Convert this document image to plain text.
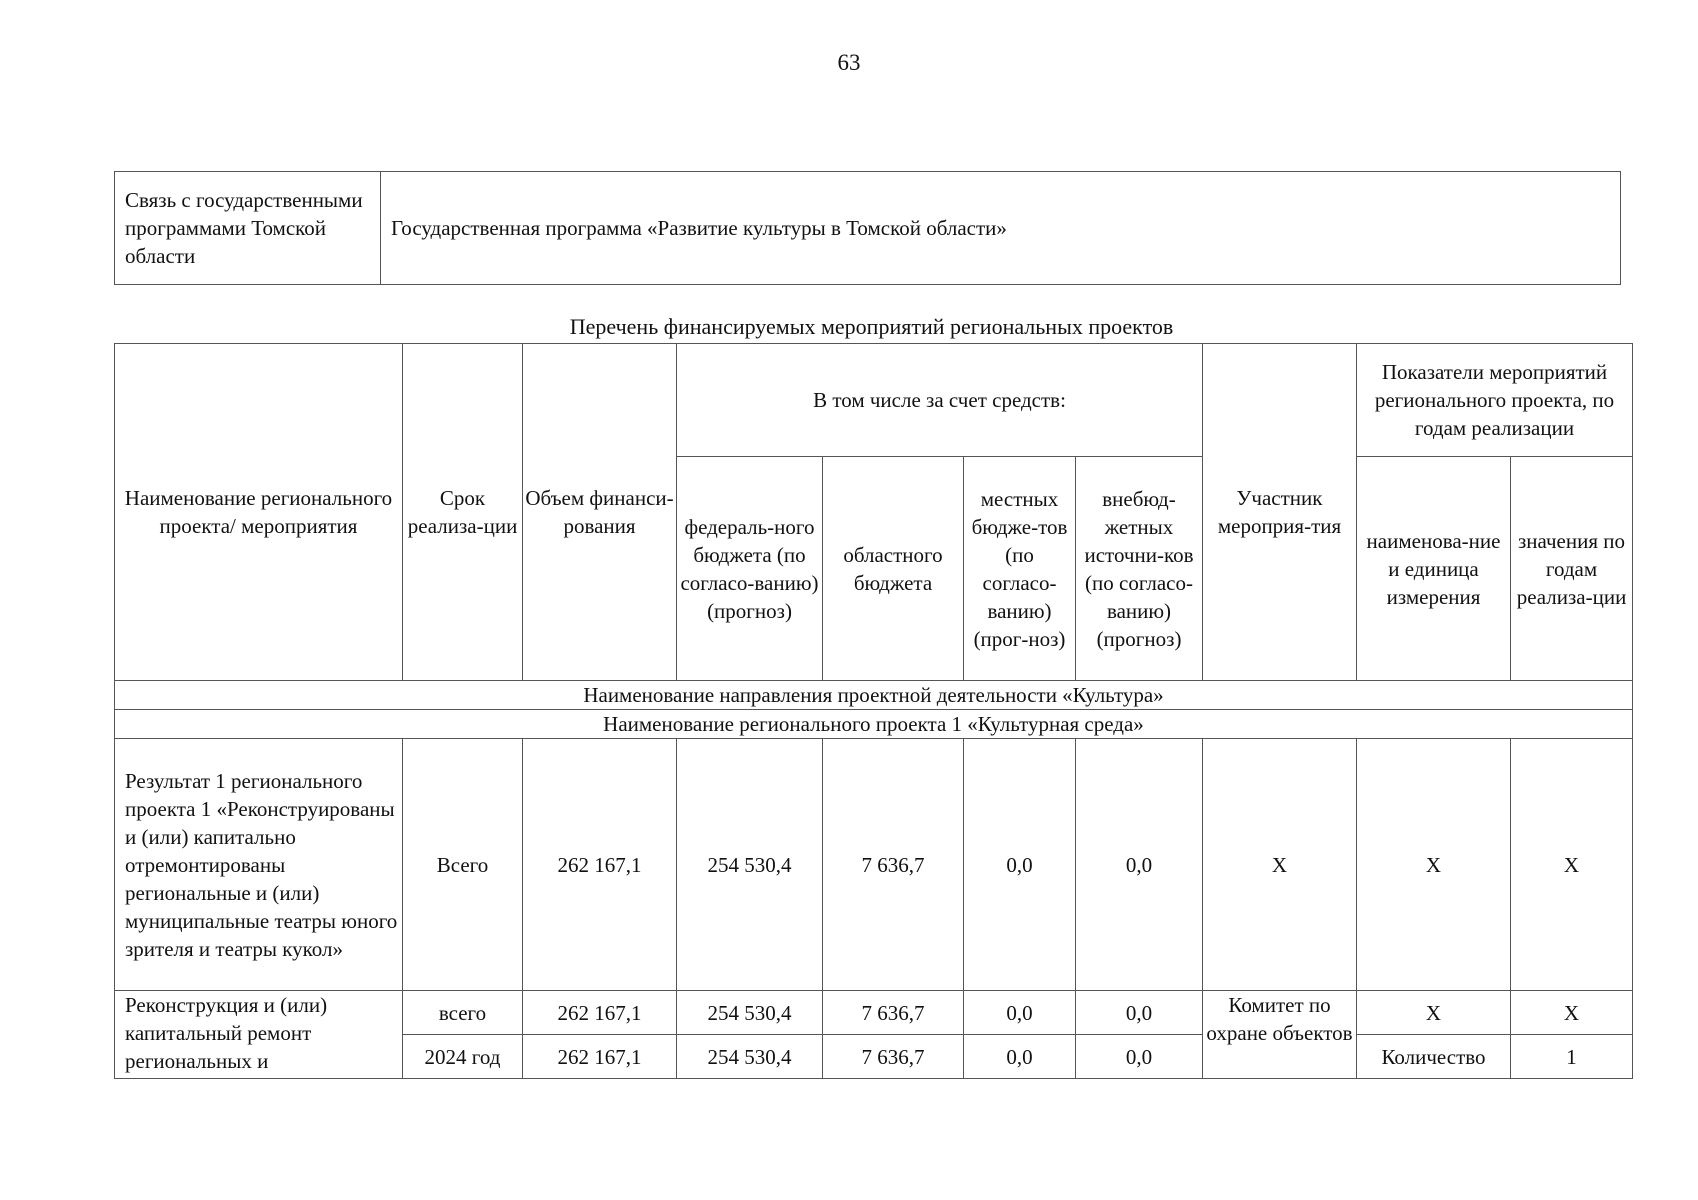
63
Связь с государственными программами Томской области	Государственная программа «Развитие культуры в Томской области»
Перечень финансируемых мероприятий региональных проектов
Наименование регионального проекта/ мероприятия	Срок реализа-ции	Объем финанси-рования	В том числе за счет средств:				Участник мероприя-тия	Показатели мероприятий регионального проекта, по годам реализации	
			федераль-ного бюджета (по согласо-ванию) (прогноз)	областного бюджета	местных бюдже-тов (по согласо-ванию) (прог-ноз)	внебюд-жетных источни-ков (по согласо-ванию) (прогноз)		наименова-ние и единица измерения	значения по годам реализа-ции
Наименование направления проектной деятельности «Культура»									
Наименование регионального проекта 1 «Культурная среда»									
Результат 1 регионального проекта 1 «Реконструированы и (или) капитально отремонтированы региональные и (или) муниципальные театры юного зрителя и театры кукол»	Всего	262 167,1	254 530,4	7 636,7	0,0	0,0	Х	Х	Х
Реконструкция и (или) капитальный ремонт региональных и	всего	262 167,1	254 530,4	7 636,7	0,0	0,0	Комитет по охране объектов	Х	Х
	2024 год	262 167,1	254 530,4	7 636,7	0,0	0,0		Количество	1
